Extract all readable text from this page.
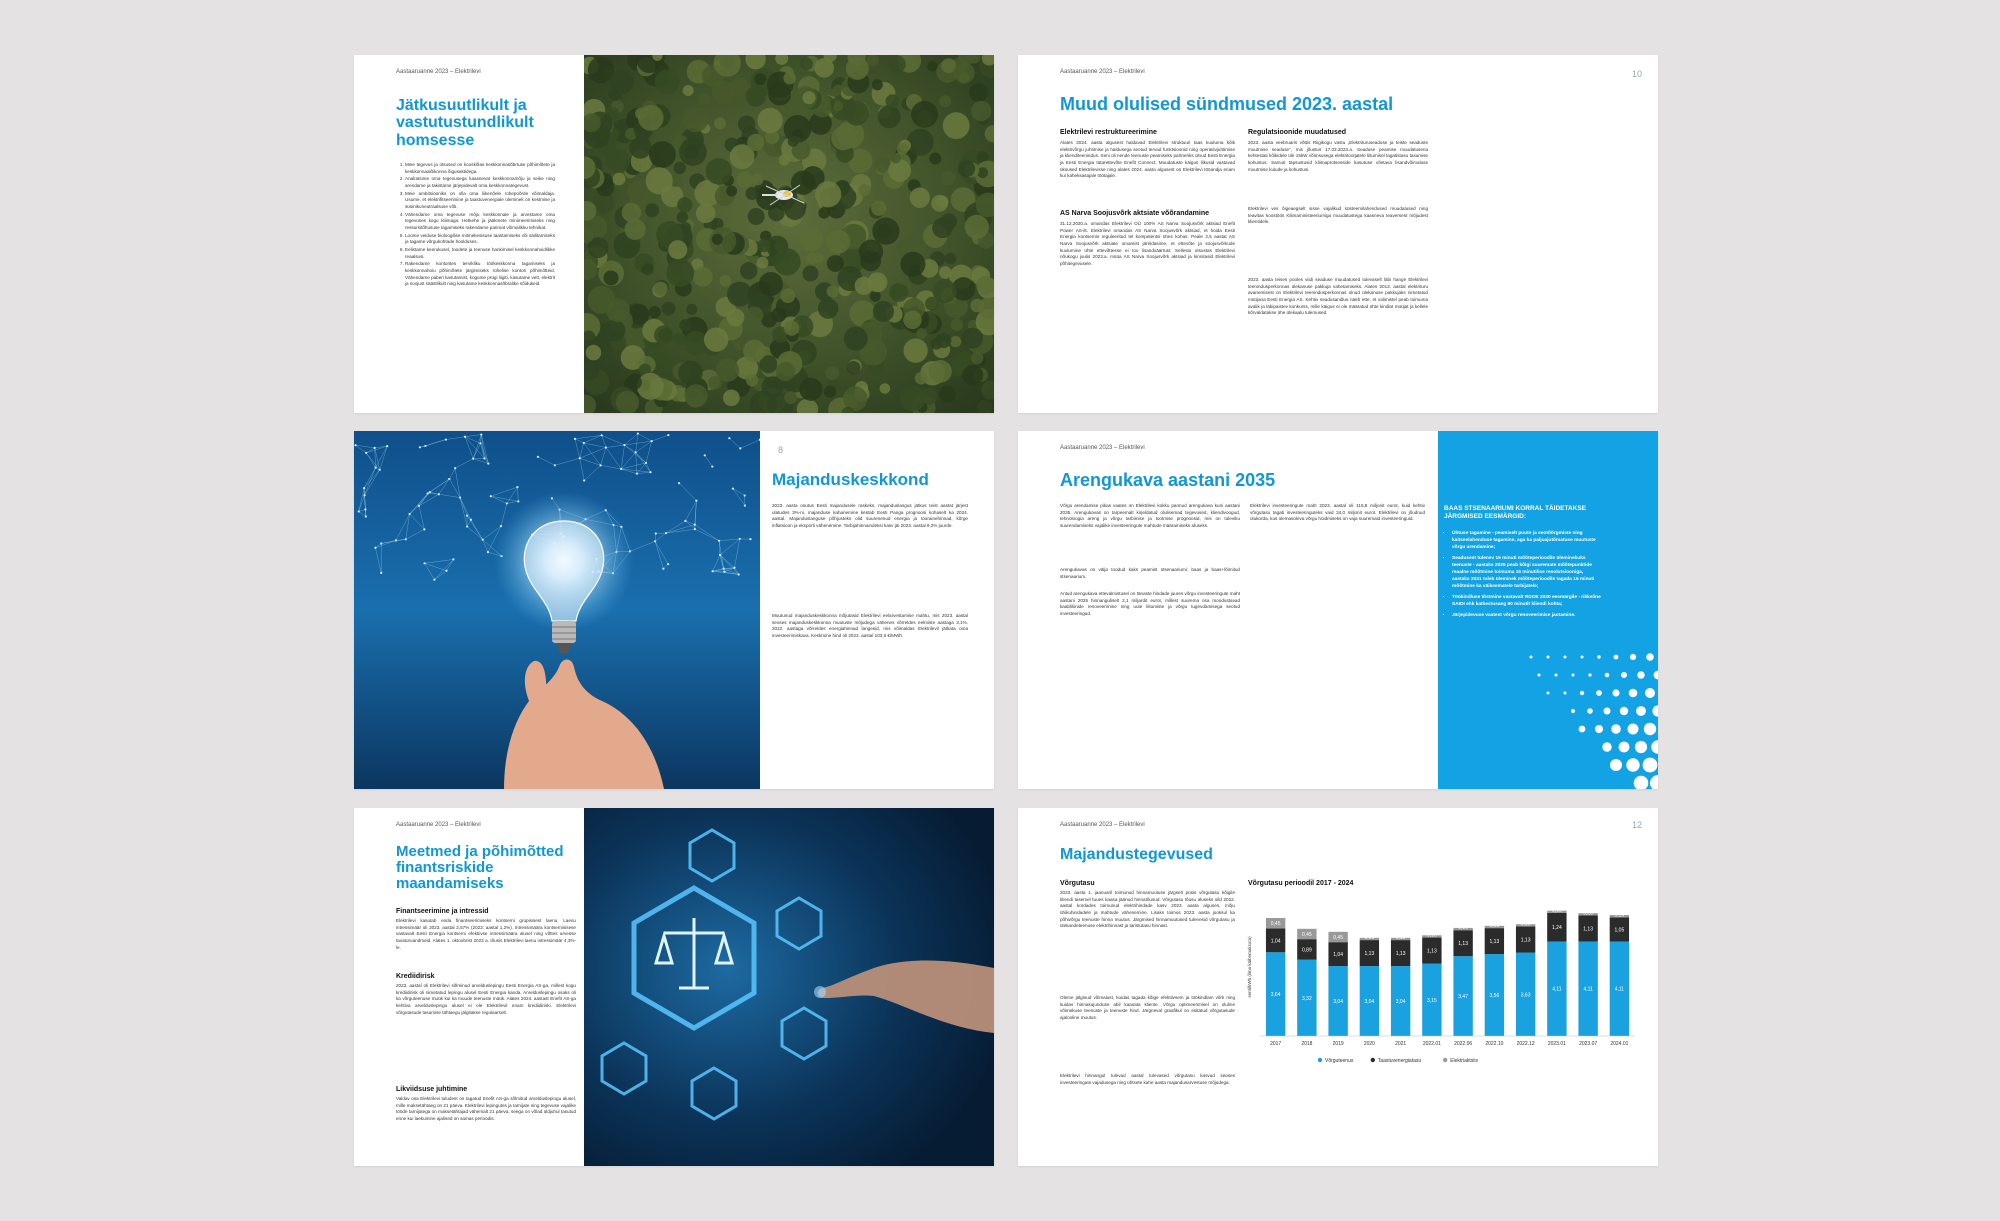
Aastaaruanne 2023 – Elektrilevi
Jätkusuutlikult ja vastutustundlikult homsesse
1. Meie tegevus ja otsused on kooskõlas keskkonnasõbrtuse põhimõtete ja keskkonnaalõikonna õigusaktidega.
2. Analüüsime oma tegevusega kaasnevat keskkonnamõju ja seike ning arendame ja takistame järjepidevalt oma keskkonnategevust.
3. Meie ambitsiooniks on olla oma liikenõele rohepoõrde võimaldaja. Usume, et elektrifitseerimine ja taastuvenergiale üleminek on kestmise ja süsinikuneutraalsuse võti.
4. Vähendame oma tegevuse mõju keskkonnale ja arvestame oma tegevuses kogu kliimaga. Hetkehe ja jääkmete minimeerimiseks ning ressursitõhususe tagamiseks rakendame parimat võimalikku tehnikat.
5. Loome veiduse bioloogilise mitmekesisuse taastamiseks või säilitamiseks ja tagame võrgukohtade hoolduses.
6. Eelistame keerukusel, toodete ja teenuse hankimisel keskkonnahoidlikke reaalsusi.
7. Rakendame kontorites tervikliku töökeskkonna tagamiseks ja keskkonnahoiu põhimõtete järgimiseks rohelise kontori põhimõtteid. Vähendame paberi kasutamist, kogume prügi liigiti, kasutame vett, elektrit ja soojust säästlikult ning kasutame keskkonnasõbralike sõidukeid.
Aastaaruanne 2023 – Elektrilevi	10
Muud olulised sündmused 2023. aastal
Elektrilevi restruktureerimine
Alates 2024. aasta algusest haldavad Elektrilevi struktuuri taas kuuluma kõik elektrivõrgu juhtimise ja haldusega seotud tervad funktsioonid ning operatiivjuhtimise ja klienditeenindus. Seni oli nende teenuste peamiseks partneriks olnud Eesti Energia ja Eesti Energia tütarettevõte Enefit Connect. Muudatuste käigus liikusid vastavad üksused Elektrilevisse ning alates 2024. aasta algusest on Elektrilevi tööandja enam kui kaheksasajale töötajale.
AS Narva Soojusvõrk aktsiate võõrandamine
31.12.2020.a. omandas Elektrilevi OÜ 100% AS Narva Soojusvõrk aktsiad Enefit Power AS-ilt. Elektrilevi omandas AS Narva Soojusvõrk aktsiad, et hoida Eesti Energia kontsernis reguleeritud tel kompetentsi ühes kohas. Peale 2,5 aastat AS Narva Soojusvõrk aktsiate omamist järeldasime, et ettevõte ja soojusvõrkude kuulumine ühte ettevõttesse ei too lisandväärtust. Sellestu otsustas Elektrilevi nõukogu juulis 2023.a. müüa AS Narva Soojusvõrk aktsiad ja kinnitasid Elektrilevi põhitegevusele.
Regulatsioonide muudatused
2023. aasta veebruaris võttis Riigikogu vastu „Elektrituruseaduse ja teiste seaduste muutmise seaduse”, mis jõustus 17.03.2023.a. Seaduse peamise muudatusena kehtestati kõikidele üle 15kW võimsusega elektritootjatele liitumisel tagatistasu tasumise kohustus. Samuti täpsustusid kliimaprotsesside kasutuse võetava lisandvõimaluse muutmise kulude ja kohustusi.
Elektrilevi ves õigeaegselt sisse vajalikud süsteemilahendused muudatused ning teavitas koostöös Kliimaministeeriumiga muudatustega kaasneva teaversest mõjudest klientidele.
2023. aasta teises pooles viidi seaduse muudatused tulevaselt läbi hange Elektrilevi teenindusperkonnas ülekanuse pakkuja vahetamiseks. Alates 2013. aastal elektrituru avanemisest on Elektrilevi teenindusperkonnas olnud ülekanuse pakkujaks nimetatud müüjana Eesti Energia AS. Kehtiv seadusandlus näeb ette, et valimistel peab toimuma avalik ja läbipaistev konkurss, mille käigus ei ole määratud ühte kindlat müüjat ja kellele kõrvaldatakse ühe ülekaalu tulemused.
8
Majanduskeskkond
2023. aasta osutus Eesti majandusele raskeks, majanduslangus jätkus teist aastat järjest ulatudes 3%-ni, majanduse kahanemine kestab Eesti Panga prognoosi kohaselt ka 2024. aastal. Majanduslanguse põhjusteks olid suurenenud energia ja toorainehinnad, kõrge inflatsioon ja eksporti vähenemine. Tarbijahinnaindeksi kasv jäi 2023. aastal 9,2% juurde.
Muutunud majanduskeskkonna mõjutasid Elektrilevi eelarvestamise mahtu, mis 2023. aastal seoses majanduskeskkonna muutuste mõjudega vähenes võrreldes eelmiste aastaga 3,1%. 2022. aastaga võrreldes energiahinnad langesid, mis võimaldas Elektrilevil jätkata oma investeerimiskava. Keskmine hind oli 2023. aastal 103,6 €/MWh.
Aastaaruanne 2023 – Elektrilevi
Arengukava aastani 2035
Võrgu arendamise pikas vaates on Elektrilevi kokku pannud arengukava kuni aastani 2035. Arengukavas on tarpeemalt kirjeldatud olulisemad tegevused, kliendivoogud, tehnoloogia areng ja võrgu tarbimise ja tootmise prognoosid, mis on tuleviku suurendamiseks vajalike investeeringute mahtude määramiseks aluseks.
Arengukavas on välja toodud kaks peamist stsenaariumi: baas ja baas+lõimitud stsenaarium.
Antud arengukava ettevalmistusel on tänaste hindade juures võrgu investeeringute maht aastani 2035 hinnanguliselt 2,1 miljardit eurot, millest suurema osa moodustavad kaabliliinide renoveerimine ning uute liitumiste ja võrgu tugevdamisega seotud investeeringud.
Elektrilevi investeeringute maht 2023. aastal oli 115,8 miljonit eurot, kuid kehtiv võrgutasu tagab investeeringuteks vaid 34,0 miljonit eurot. Elektrilevi on jõudnud olukorda, kus olemasoleva võrgu hoidmiseks on vaja suuremaid investeeringuid.
BAAS STSENAARIUMI KORRAL TÄIDETAKSE JÄRGMISED EESMÄRGID:
• Ühtuse tagamine - peamiselt puute ja seotõõrgmiste ning kaitseelahenduse tagamine, aga ka paljuajutõmatuse muutuste võrgu arendamine;
• Seadusest tulenev 15 minuti mõõteperioodile üleminekuks teenuste - aastaks 2025 peab kõigi suuremate mõõtepunktide reaalne mõõtmine toimuma 15 minutilise resolutsiooniga, aastaks 2031 tuleb üleminek mõõteperioodile tagada 15 minuti mõõtmine ka väiksematele tarbijatele;
• Töökindluse tõstmine vastavalt RDOE 2030 eesmärgile - rikkeline SAIDI ehk katkestusaeg 90 minutit kliendi kohta;
• Järjepidevuse vaatest võrgu renoveerimise jaotamine.
Aastaaruanne 2023 – Elektrilevi
Meetmed ja põhimõtted finantsriskide maandamiseks
Finantseerimine ja intressid
Elektrilevi kasutab enda finantseerimiseks kontserni grupisisest laenu. Laenu intressimäär oli 2023. aastal 2,57% (2022: aastal 1,2%). Intressimäära kontsernisisese vastavalt Eesti Energia kontserni efektiivse intressimäära alusel ning võttes arvesse tavaturuandmeid. Alates 1. oktoobrist 2023 a. tõusis Elektrilevi laenu intressimäär 4,3%-le.
Krediidirisk
2023. aastal oli Elektrilevi sõlminud arvelduslepingu Eesti Energia AS-ga, millest kogu krediidirisk oli nimetatud lepingu alusel Eesti Energia kanda. Arvelduslepingu osaks oli ka võrguteenuse muük kui ka muude teenuste müük. Alates 2024. aastast Enefit AS-ga kehtiva arvelduslepingu alusel ei ole Elektrilevil enam krediidiriski. Elektrilevi võrgutasude tasumise tähtaegu jälgitakse regulaarselt.
Likviidsuse juhtimine
Valdav osa Elektrilevi tuludest on tagatud Enefit AS-ga sõlmitud arvelduslepingu alusel, mille maksetähtaeg on 21 päeva. Elektrilevi lepingutes ja tarnijate ning tegevuse vajalike tööde tarnijatega on maksetähtajad vähemalt 21 päeva, seega on võlad üldjuhul tasutud enne kui laekumine ajalised on samas perioodis.
Aastaaruanne 2023 – Elektrilevi	12
Majandustegevused
Võrgutasu
2023. aasta 1. jaanuaril toimunud hinnamuutuse järgselt püsis võrgutasu kõigile kliendi tasemel tuues kaasa jäänud hinnatõusud. Võrgutasu tõusu aluseks olid 2022. aastal kordades toimunud elektrihindade kasv 2023. aasta alguses, mõju ühikuhindadele ja mahtude vähenemine. Lisaks toimus 2023. aasta jooksul ka põhivõrgu teenuste hinna muutus. Järgmised hinnamuutused tulenesid võrgutasu ja ülekandeteenuse elektrihinnast ja taristutasu hinnast.
Oleme jälginud võimalust, kuidas tagada kõige efektiivsem ja töökindlam võrk ning kuidas hinnakujunduse abil kaasata kliente. Võrgu optimeerimisel on oluline võimekuse teenuste ja teenuste hind. Järgneval graafikul on esitatud võrgutasude ajalooline muutus.
Elektrilevi hinnangul tulevad aastal tulevased võrgutasu kasvud seoses investeeringute vajadusega ning ühtsete kahe aasta majandusarvestuse mõjudega.
Võrgutasu perioodil 2017 - 2024
senti/kWh (ilma käibemaksuta)	3,64
1,04
0,45
2017
3,32
0,89
0,45
2018
3,04
1,04
0,45
2019
3,04
1,13
0,10
2020
3,04
1,13
0,10
2021
3,15
1,13
0,10
2022.01
3,47
1,13
0,10
2022.06
3,56
1,13
0,10
2022.10
3,63
1,13
0,10
2022.12
4,11
1,24
0,10
2023.01
4,11
1,13
0,10
2023.07
4,11
1,05
0,10
2024.01
Võrguteenus	Taastuvenergiatasu	Elektriaktsiis
